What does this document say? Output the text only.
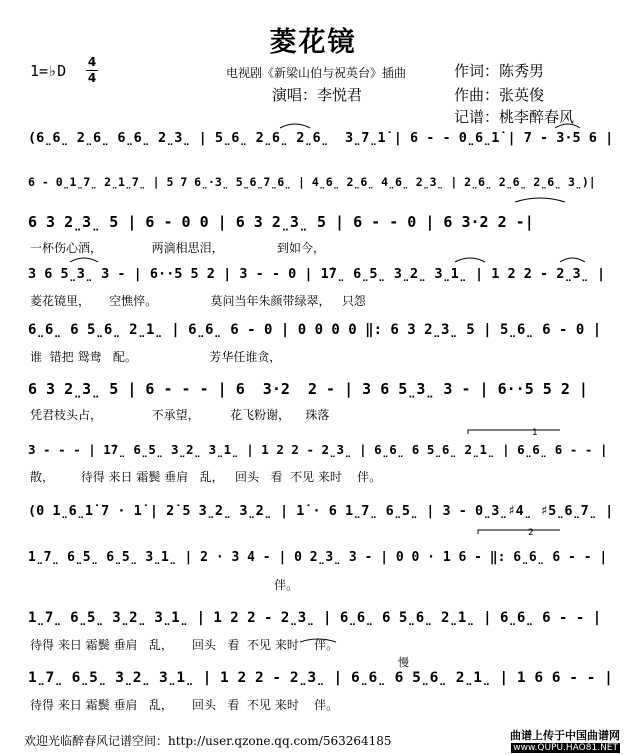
菱花镜
1=♭D 4
4	电视剧《新梁山伯与祝英台》插曲	作词：陈秀男
演唱：李悦君	作曲：张英俊
记谱：桃李醉春风
(6̤6̤ 2̤6̤ 6̤6̤ 2̤3̤ | 5̤6̤ 2̤6̤ 2̤6̤  3̤7̤1̇ | 6 - - 0̤6̤1̇ | 7 - 3·5 6 |
6 - 0̤1̤7̤ 2̤1̤7̤ | 5 7 6̤·3̤ 5̤6̤7̤6̤ | 4̤6̤ 2̤6̤ 4̤6̤ 2̤3̤ | 2̤6̤ 2̤6̤ 2̤6̤ 3̤)|
6 3 2̤3̤ 5 | 6 - 0 0 | 6 3 2̤3̤ 5 | 6 - - 0 | 6 3·2 2 -|
一杯伤心酒，             两滴相思泪，              到如今，
3 6 5̤3̤ 3 - | 6··5 5 2 | 3 - - 0 | 1̇7̤ 6̤5̤ 3̤2̤ 3̤1̤ | 1 2 2 - 2̤3̤ |
菱花镜里，     空憔悴。              莫问当年朱颜带绿翠，   只怨
6̤6̤ 6 5̤6̤ 2̤1̤ | 6̤6̤ 6 - 0 | 0 0 0 0 ‖: 6 3 2̤3̤ 5 | 5̤6̤ 6 - 0 |
谁  错把 鸳鸯   配。                   芳华任谁贪，
6 3 2̤3̤ 5 | 6 - - - | 6  3·2  2 - | 3 6 5̤3̤ 3 - | 6··5 5 2 |
凭君枝头占，             不承望，        花飞粉谢，    珠落
3 - - - | 1̇7̤ 6̤5̤ 3̤2̤ 3̤1̤ | 1 2 2 - 2̤3̤ | 6̤6̤ 6 5̤6̤ 2̤1̤ | 6̤6̤ 6 - - |
散，       待得 来日 霜鬓 垂肩   乱，   回头   看  不见 来时    伴。
(0 1̤6̤1̇ 7 · 1̇ | 2̇ 5 3̤2̤ 3̤2̤ | 1̇ · 6 1̤7̤ 6̤5̤ | 3 - 0̤3̤♯4̤ ♯5̤6̤7̤ |
1̤7̤ 6̤5̤ 6̤5̤ 3̤1̤ | 2 · 3 4 - | 0 2̤3̤ 3 - | 0 0 · 1 6 - ‖: 6̤6̤ 6 - - |
伴。
1̤7̤ 6̤5̤ 3̤2̤ 3̤1̤ | 1 2 2 - 2̤3̤ | 6̤6̤ 6 5̤6̤ 2̤1̤ | 6̤6̤ 6 - - |
待得 来日 霜鬓 垂肩   乱，     回头   看  不见 来时    伴。
1̤7̤ 6̤5̤ 3̤2̤ 3̤1̤ | 1 2 2 - 2̤3̤ | 6̤6̤ 6 5̤6̤ 2̤1̤ | 1 6 6 - - |
待得 来日 霜鬓 垂肩   乱，     回头   看  不见 来时    伴。
慢
1
2
欢迎光临醉春风记谱空间：http://user.qzone.qq.com/563264185	曲谱上传于中国曲谱网
www.QUPU.HAO81.NET
